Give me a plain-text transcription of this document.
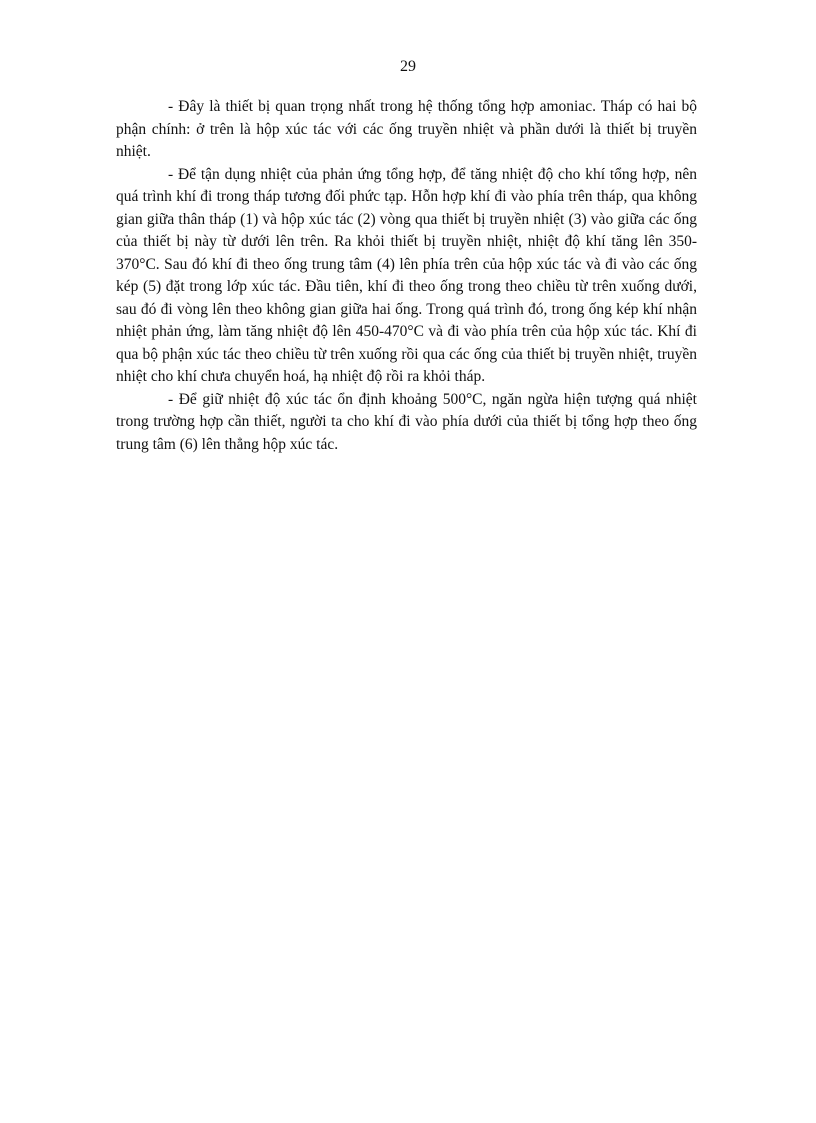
29

- Đây là thiết bị quan trọng nhất trong hệ thống tổng hợp amoniac. Tháp có hai bộ phận chính: ở trên là hộp xúc tác với các ống truyền nhiệt và phần dưới là thiết bị truyền nhiệt.

- Để tận dụng nhiệt của phản ứng tổng hợp, để tăng nhiệt độ cho khí tổng hợp, nên quá trình khí đi trong tháp tương đối phức tạp. Hỗn hợp khí đi vào phía trên tháp, qua không gian giữa thân tháp (1) và hộp xúc tác (2) vòng qua thiết bị truyền nhiệt (3) vào giữa các ống của thiết bị này từ dưới lên trên. Ra khỏi thiết bị truyền nhiệt, nhiệt độ khí tăng lên 350-370°C. Sau đó khí đi theo ống trung tâm (4) lên phía trên của hộp xúc tác và đi vào các ống kép (5) đặt trong lớp xúc tác. Đầu tiên, khí đi theo ống trong theo chiều từ trên xuống dưới, sau đó đi vòng lên theo không gian giữa hai ống. Trong quá trình đó, trong ống kép khí nhận nhiệt phản ứng, làm tăng nhiệt độ lên 450-470°C và đi vào phía trên của hộp xúc tác. Khí đi qua bộ phận xúc tác theo chiều từ trên xuống rồi qua các ống của thiết bị truyền nhiệt, truyền nhiệt cho khí chưa chuyển hoá, hạ nhiệt độ rồi ra khỏi tháp.

- Để giữ nhiệt độ xúc tác ổn định khoảng 500°C, ngăn ngừa hiện tượng quá nhiệt trong trường hợp cần thiết, người ta cho khí đi vào phía dưới của thiết bị tổng hợp theo ống trung tâm (6) lên thẳng hộp xúc tác.
